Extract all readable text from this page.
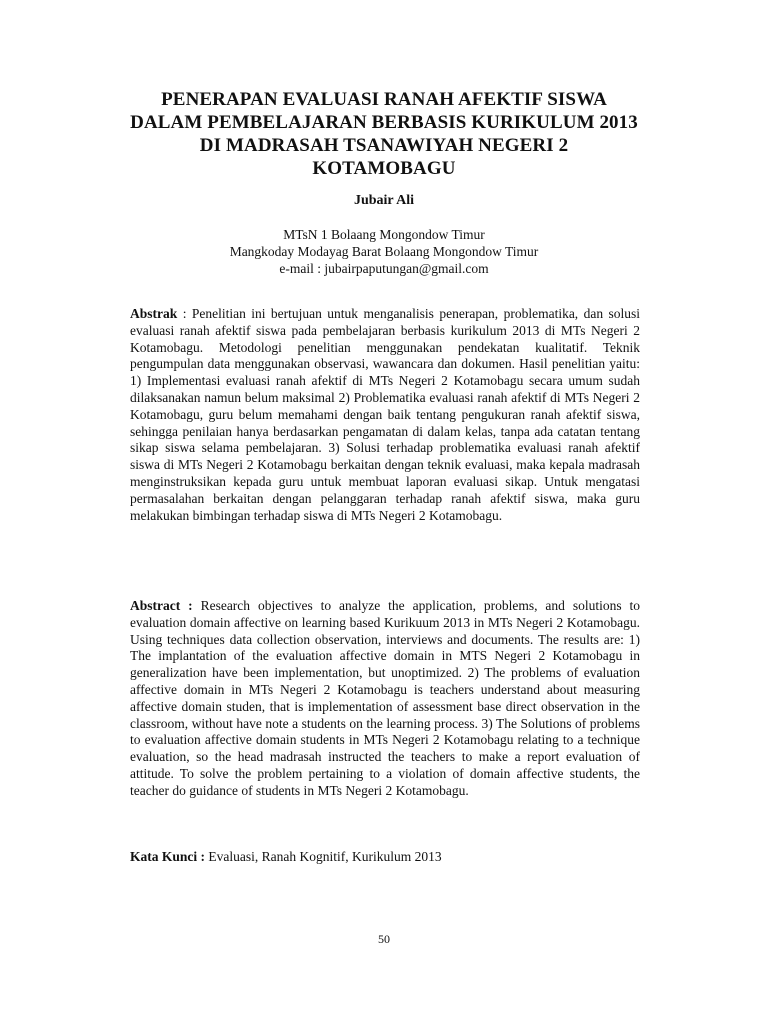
PENERAPAN EVALUASI RANAH AFEKTIF SISWA
DALAM PEMBELAJARAN BERBASIS KURIKULUM 2013
DI MADRASAH TSANAWIYAH NEGERI 2
KOTAMOBAGU
Jubair Ali
MTsN 1 Bolaang Mongondow Timur
Mangkoday Modayag Barat Bolaang Mongondow Timur
e-mail : jubairpaputungan@gmail.com
Abstrak : Penelitian ini bertujuan untuk menganalisis penerapan, problematika, dan solusi evaluasi ranah afektif siswa pada pembelajaran berbasis kurikulum 2013 di MTs Negeri 2 Kotamobagu. Metodologi penelitian menggunakan pendekatan kualitatif. Teknik pengumpulan data menggunakan observasi, wawancara dan dokumen. Hasil penelitian yaitu: 1) Implementasi evaluasi ranah afektif di MTs Negeri 2 Kotamobagu secara umum sudah dilaksanakan namun belum maksimal 2) Problematika evaluasi ranah afektif di MTs Negeri 2 Kotamobagu, guru belum memahami dengan baik tentang pengukuran ranah afektif siswa, sehingga penilaian hanya berdasarkan pengamatan di dalam kelas, tanpa ada catatan tentang sikap siswa selama pembelajaran. 3) Solusi terhadap problematika evaluasi ranah afektif siswa di MTs Negeri 2 Kotamobagu berkaitan dengan teknik evaluasi, maka kepala madrasah menginstruksikan kepada guru untuk membuat laporan evaluasi sikap. Untuk mengatasi permasalahan berkaitan dengan pelanggaran terhadap ranah afektif siswa, maka guru melakukan bimbingan terhadap siswa di MTs Negeri 2 Kotamobagu.
Abstract : Research objectives to analyze the application, problems, and solutions to evaluation domain affective on learning based Kurikuum 2013 in MTs Negeri 2 Kotamobagu. Using techniques data collection observation, interviews and documents. The results are: 1) The implantation of the evaluation affective domain in MTS Negeri 2 Kotamobagu in generalization have been implementation, but unoptimized. 2) The problems of evaluation affective domain in MTs Negeri 2 Kotamobagu is teachers understand about measuring affective domain studen, that is implementation of assessment base direct observation in the classroom, without have note a students on the learning process. 3) The Solutions of problems to evaluation affective domain students in MTs Negeri 2 Kotamobagu relating to a technique evaluation, so the head madrasah instructed the teachers to make a report evaluation of attitude. To solve the problem pertaining to a violation of domain affective students, the teacher do guidance of students in MTs Negeri 2 Kotamobagu.
Kata Kunci : Evaluasi, Ranah Kognitif, Kurikulum 2013
50
